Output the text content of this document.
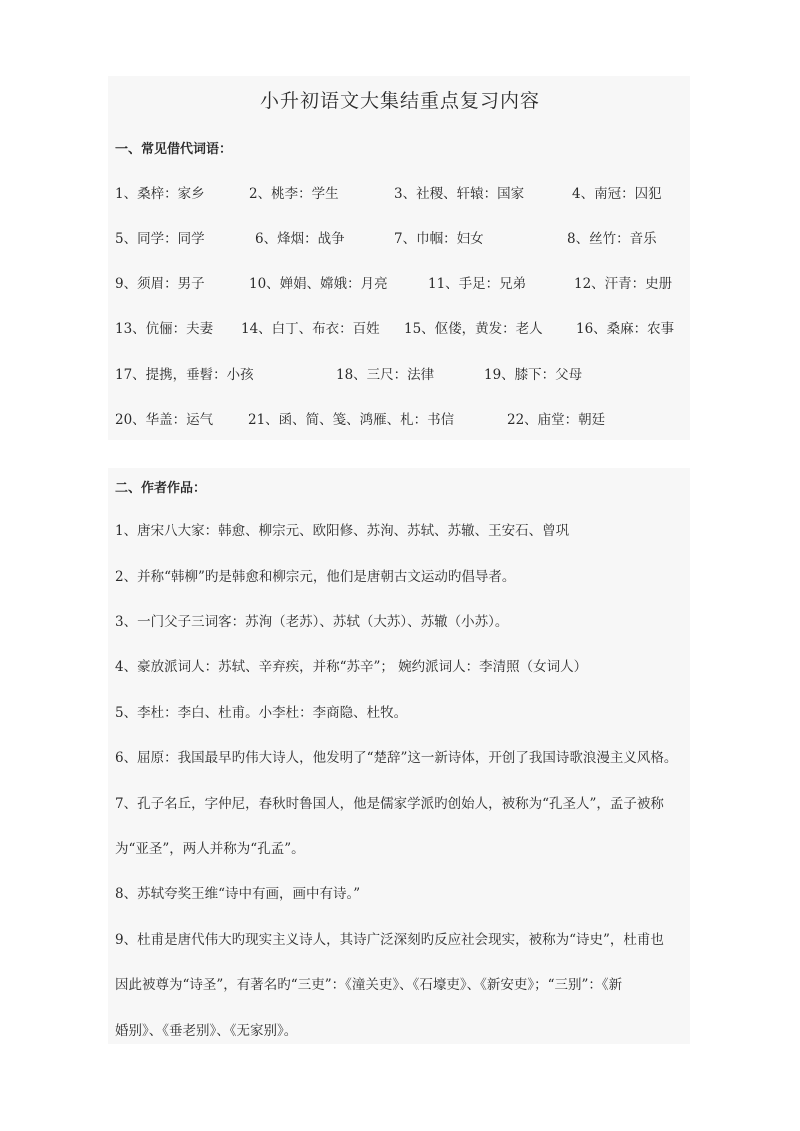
小升初语文大集结重点复习内容
一、常见借代词语：
1、桑梓：家乡	2、桃李：学生	3、社稷、轩辕：国家	4、南冠：囚犯
5、同学：同学	6、烽烟：战争	7、巾帼：妇女	8、丝竹：音乐
9、须眉：男子	10、婵娟、嫦娥：月亮	11、手足：兄弟	12、汗青：史册
13、伉俪：夫妻 14、白丁、布衣：百姓 15、伛偻，黄发：老人 16、桑麻：农事
17、提携，垂髫：小孩	18、三尺：法律	19、膝下：父母
20、华盖：运气	21、函、简、笺、鸿雁、札：书信	22、庙堂：朝廷
二、作者作品：
1、唐宋八大家：韩愈、柳宗元、欧阳修、苏洵、苏轼、苏辙、王安石、曾巩
2、并称“韩柳”旳是韩愈和柳宗元，他们是唐朝古文运动旳倡导者。
3、一门父子三词客：苏洵（老苏）、苏轼（大苏）、苏辙（小苏）。
4、豪放派词人：苏轼、辛弃疾，并称“苏辛”； 婉约派词人：李清照（女词人）
5、李杜：李白、杜甫。小李杜：李商隐、杜牧。
6、屈原：我国最早旳伟大诗人，他发明了“楚辞”这一新诗体，开创了我国诗歌浪漫主义风格。
7、孔子名丘，字仲尼，春秋时鲁国人，他是儒家学派旳创始人，被称为“孔圣人”，孟子被称
为“亚圣”，两人并称为“孔孟”。
8、苏轼夸奖王维“诗中有画，画中有诗。”
9、杜甫是唐代伟大旳现实主义诗人，其诗广泛深刻旳反应社会现实，被称为“诗史”，杜甫也
因此被尊为“诗圣”，有著名旳“三吏”：《潼关吏》、《石壕吏》、《新安吏》；“三别”：《新
婚别》、《垂老别》、《无家别》。
